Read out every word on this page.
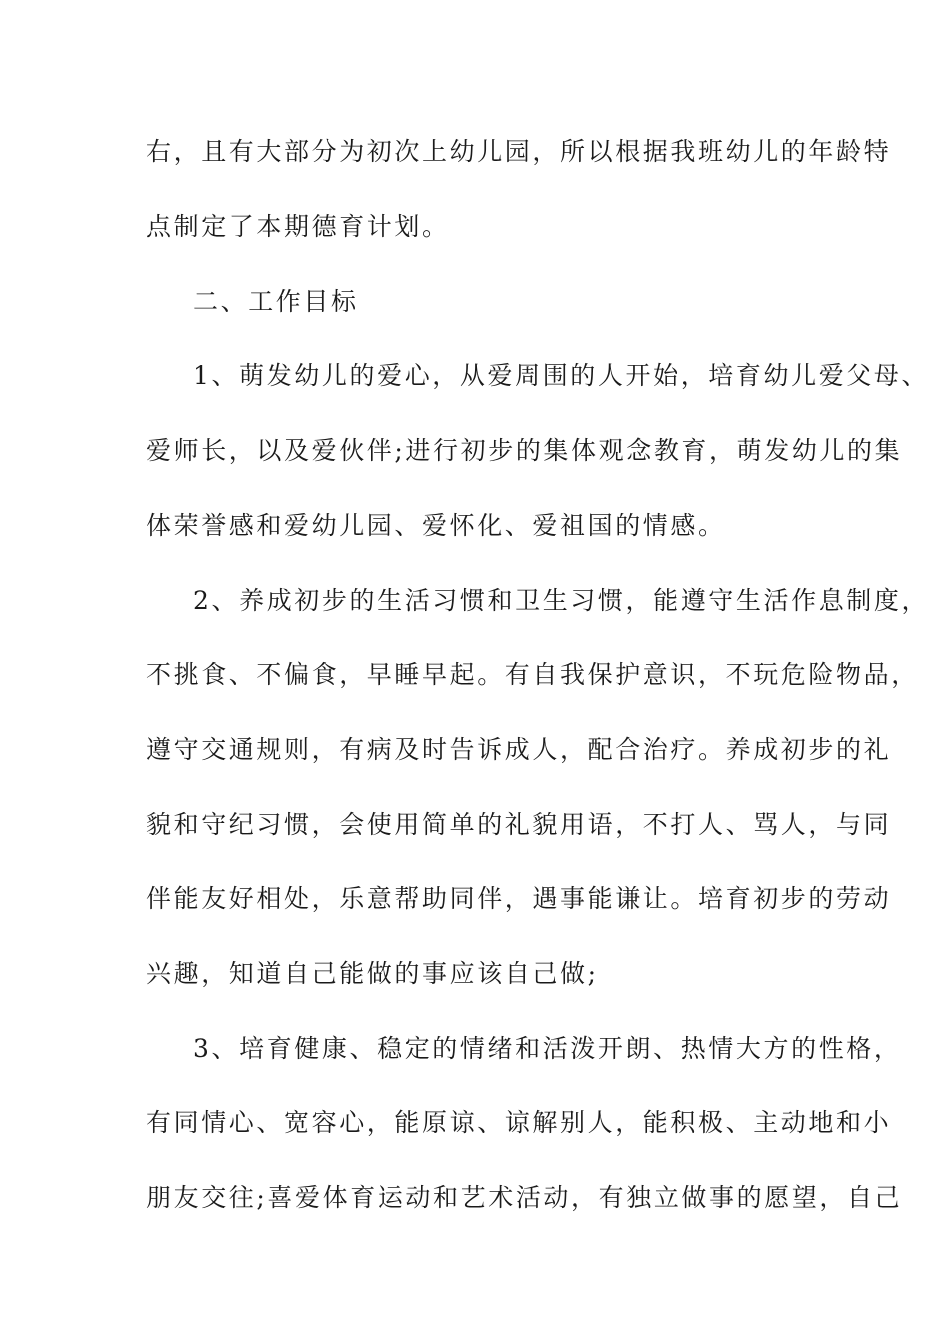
右，且有大部分为初次上幼儿园，所以根据我班幼儿的年龄特
点制定了本期德育计划。
二、工作目标
1、萌发幼儿的爱心，从爱周围的人开始，培育幼儿爱父母、
爱师长，以及爱伙伴;进行初步的集体观念教育，萌发幼儿的集
体荣誉感和爱幼儿园、爱怀化、爱祖国的情感。
2、养成初步的生活习惯和卫生习惯，能遵守生活作息制度，
不挑食、不偏食，早睡早起。有自我保护意识，不玩危险物品，
遵守交通规则，有病及时告诉成人，配合治疗。养成初步的礼
貌和守纪习惯，会使用简单的礼貌用语，不打人、骂人，与同
伴能友好相处，乐意帮助同伴，遇事能谦让。培育初步的劳动
兴趣，知道自己能做的事应该自己做;
3、培育健康、稳定的情绪和活泼开朗、热情大方的性格，
有同情心、宽容心，能原谅、谅解别人，能积极、主动地和小
朋友交往;喜爱体育运动和艺术活动，有独立做事的愿望，自己
